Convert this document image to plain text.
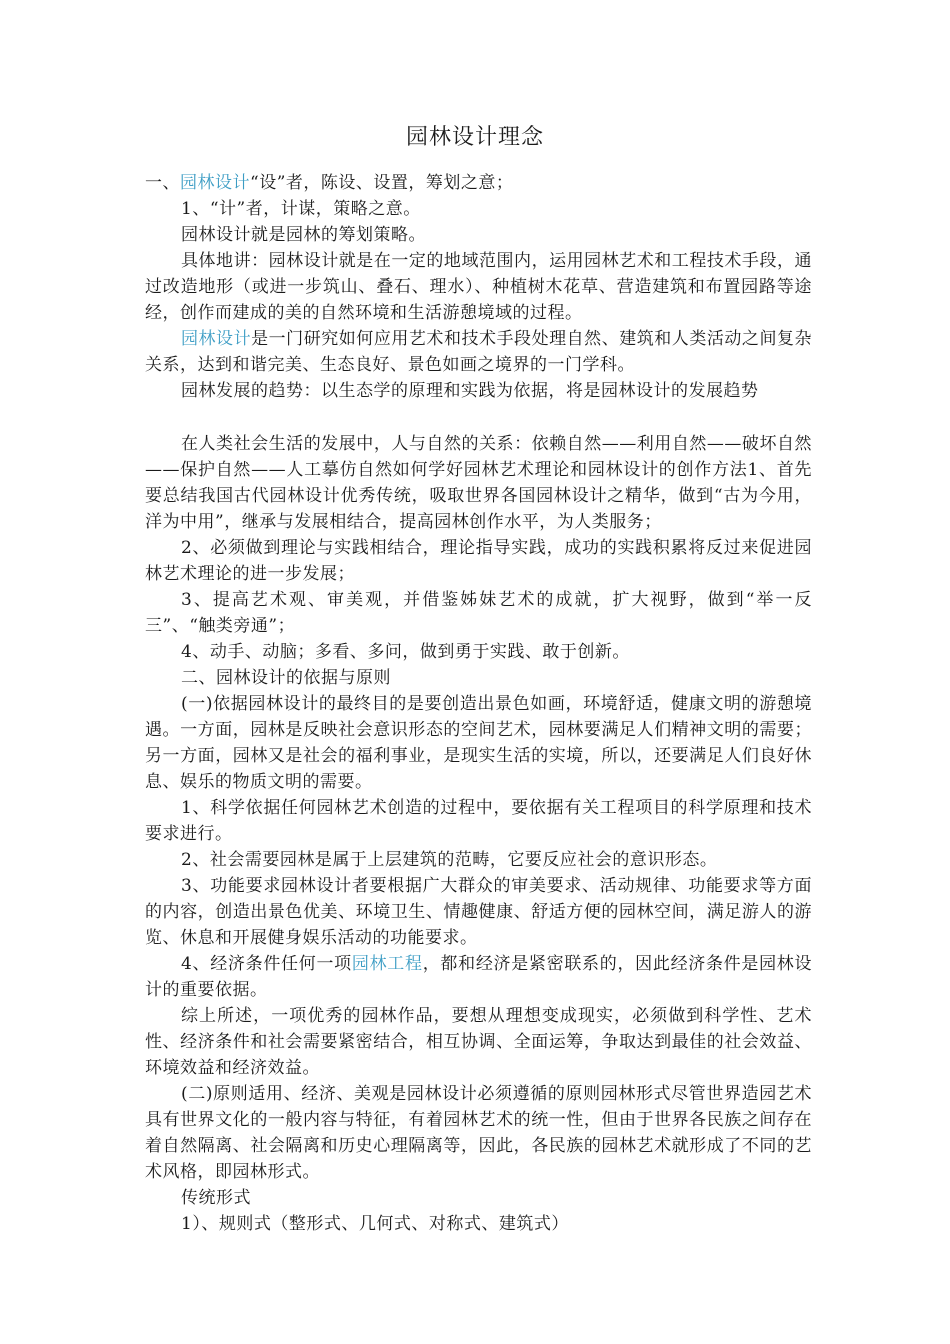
园林设计理念

一、园林设计“设”者，陈设、设置，筹划之意；

1、“计”者，计谋，策略之意。

园林设计就是园林的筹划策略。

具体地讲：园林设计就是在一定的地域范围内，运用园林艺术和工程技术手段，通过改造地形（或进一步筑山、叠石、理水）、种植树木花草、营造建筑和布置园路等途经，创作而建成的美的自然环境和生活游憩境域的过程。

园林设计是一门研究如何应用艺术和技术手段处理自然、建筑和人类活动之间复杂关系，达到和谐完美、生态良好、景色如画之境界的一门学科。

园林发展的趋势：以生态学的原理和实践为依据，将是园林设计的发展趋势

在人类社会生活的发展中，人与自然的关系：依赖自然——利用自然——破坏自然——保护自然——人工摹仿自然如何学好园林艺术理论和园林设计的创作方法1、首先要总结我国古代园林设计优秀传统，吸取世界各国园林设计之精华，做到“古为今用，洋为中用”，继承与发展相结合，提高园林创作水平，为人类服务；

2、必须做到理论与实践相结合，理论指导实践，成功的实践积累将反过来促进园林艺术理论的进一步发展；

3、提高艺术观、审美观，并借鉴姊妹艺术的成就，扩大视野，做到“举一反三”、“触类旁通”；

4、动手、动脑；多看、多问，做到勇于实践、敢于创新。

二、园林设计的依据与原则

(一)依据园林设计的最终目的是要创造出景色如画，环境舒适，健康文明的游憩境遇。一方面，园林是反映社会意识形态的空间艺术，园林要满足人们精神文明的需要；另一方面，园林又是社会的福利事业，是现实生活的实境，所以，还要满足人们良好休息、娱乐的物质文明的需要。

1、科学依据任何园林艺术创造的过程中，要依据有关工程项目的科学原理和技术要求进行。

2、社会需要园林是属于上层建筑的范畴，它要反应社会的意识形态。

3、功能要求园林设计者要根据广大群众的审美要求、活动规律、功能要求等方面的内容，创造出景色优美、环境卫生、情趣健康、舒适方便的园林空间，满足游人的游览、休息和开展健身娱乐活动的功能要求。

4、经济条件任何一项园林工程，都和经济是紧密联系的，因此经济条件是园林设计的重要依据。

综上所述，一项优秀的园林作品，要想从理想变成现实，必须做到科学性、艺术性、经济条件和社会需要紧密结合，相互协调、全面运筹，争取达到最佳的社会效益、环境效益和经济效益。

(二)原则适用、经济、美观是园林设计必须遵循的原则园林形式尽管世界造园艺术具有世界文化的一般内容与特征，有着园林艺术的统一性，但由于世界各民族之间存在着自然隔离、社会隔离和历史心理隔离等，因此，各民族的园林艺术就形成了不同的艺术风格，即园林形式。

传统形式

1）、规则式（整形式、几何式、对称式、建筑式）
